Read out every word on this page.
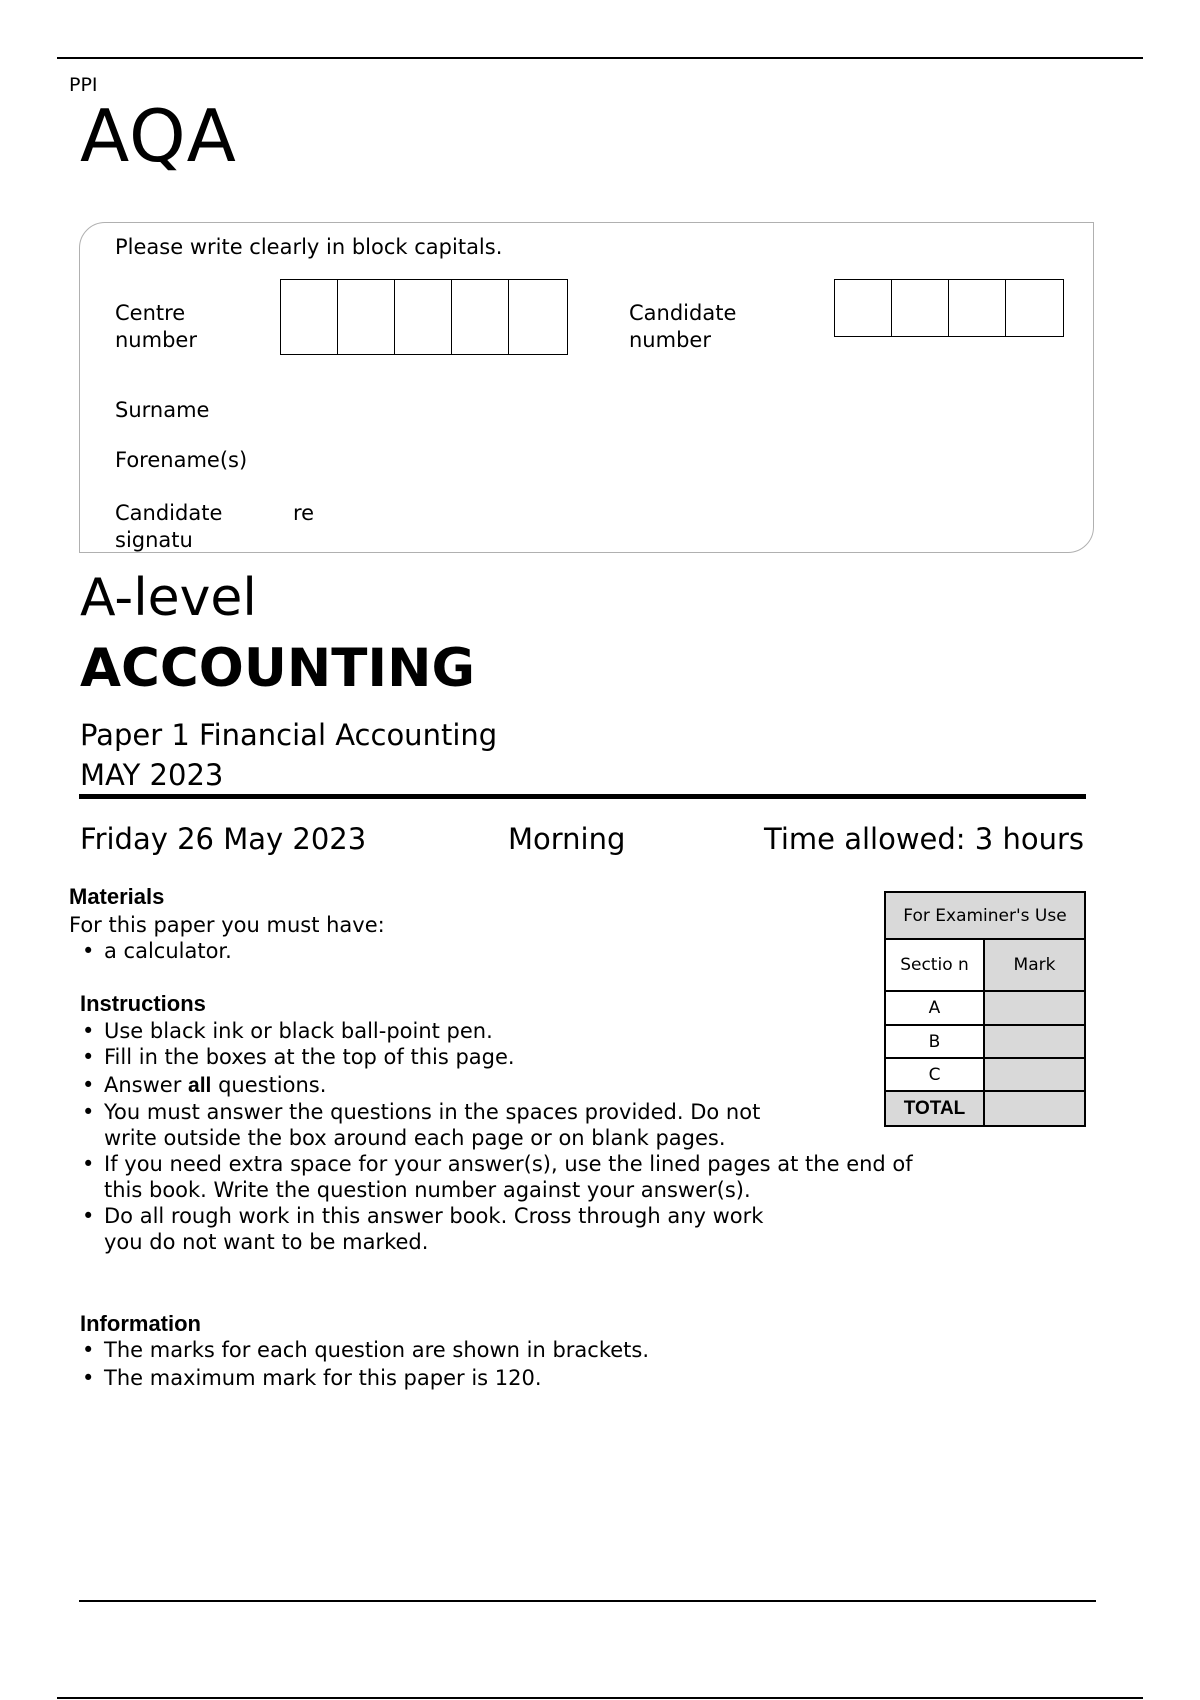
PPI
AQA
Please write clearly in block capitals.
Centre
number
Candidate
number
Surname
Forename(s)
Candidate
signatu
re
A-level
ACCOUNTING
Paper 1 Financial Accounting
MAY 2023
Friday 26 May 2023	Morning	Time allowed: 3 hours
Materials
For this paper you must have:
• a calculator.
Instructions
• Use black ink or black ball-point pen.
• Fill in the boxes at the top of this page.
• Answer all questions.
• You must answer the questions in the spaces provided. Do not write outside the box around each page or on blank pages.
• If you need extra space for your answer(s), use the lined pages at the end of this book. Write the question number against your answer(s).
• Do all rough work in this answer book. Cross through any work you do not want to be marked.
Information
• The marks for each question are shown in brackets.
• The maximum mark for this paper is 120.
For Examiner's Use	
Sectio n	Mark
A	
B	
C	
TOTAL	
